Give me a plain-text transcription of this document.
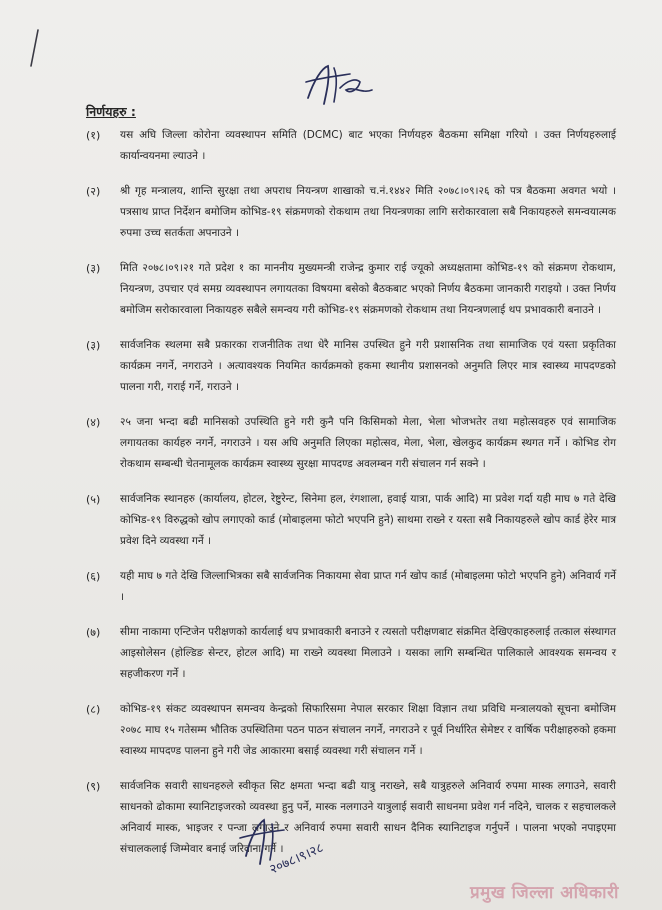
निर्णयहरु :
(१)	यस अघि जिल्ला कोरोना व्यवस्थापन समिति (DCMC) बाट भएका निर्णयहरु बैठकमा समिक्षा गरियो । उक्त निर्णयहरुलाई कार्यान्वयनमा ल्याउने ।
(२)	श्री गृह मन्त्रालय, शान्ति सुरक्षा तथा अपराध नियन्त्रण शाखाको च.नं.१४४२ मिति २०७८।०९।२६ को पत्र बैठकमा अवगत भयो । पत्रसाथ प्राप्त निर्देशन बमोजिम कोभिड-१९ संक्रमणको रोकथाम तथा नियन्त्रणका लागि सरोकारवाला सबै निकायहरुले समन्वयात्मक रुपमा उच्च सतर्कता अपनाउने ।
(३)	मिति २०७८।०९।२१ गते प्रदेश १ का माननीय मुख्यमन्त्री राजेन्द्र कुमार राई ज्यूको अध्यक्षतामा कोभिड-१९ को संक्रमण रोकथाम, नियन्त्रण, उपचार एवं समग्र व्यवस्थापन लगायतका विषयमा बसेको बैठकबाट भएको निर्णय बैठकमा जानकारी गराइयो । उक्त निर्णय बमोजिम सरोकारवाला निकायहरु सबैले समन्वय गरी कोभिड-१९ संक्रमणको रोकथाम तथा नियन्त्रणलाई थप प्रभावकारी बनाउने ।
(३)	सार्वजनिक स्थलमा सबै प्रकारका राजनीतिक तथा धेरै मानिस उपस्थित हुने गरी प्रशासनिक तथा सामाजिक एवं यस्ता प्रकृतिका कार्यक्रम नगर्ने, नगराउने । अत्यावश्यक नियमित कार्यक्रमको हकमा स्थानीय प्रशासनको अनुमति लिएर मात्र स्वास्थ्य मापदण्डको पालना गरी, गराई गर्ने, गराउने ।
(४)	२५ जना भन्दा बढी मानिसको उपस्थिति हुने गरी कुनै पनि किसिमको मेला, भेला भोजभतेर तथा महोत्सवहरु एवं सामाजिक लगायतका कार्यहरु नगर्ने, नगराउने । यस अघि अनुमति लिएका महोत्सव, मेला, भेला, खेलकुद कार्यक्रम स्थगत गर्ने । कोभिड रोग रोकथाम सम्बन्धी चेतनामूलक कार्यक्रम स्वास्थ्य सुरक्षा मापदण्ड अवलम्बन गरी संचालन गर्न सक्ने ।
(५)	सार्वजनिक स्थानहरु (कार्यालय, होटल, रेष्टुरेन्ट, सिनेमा हल, रंगशाला, हवाई यात्रा, पार्क आदि) मा प्रवेश गर्दा यही माघ ७ गते देखि कोभिड-१९ विरुद्धको खोप लगाएको कार्ड (मोबाइलमा फोटो भएपनि हुने) साथमा राख्ने र यस्ता सबै निकायहरुले खोप कार्ड हेरेर मात्र प्रवेश दिने व्यवस्था गर्ने ।
(६)	यही माघ ७ गते देखि जिल्लाभित्रका सबै सार्वजनिक निकायमा सेवा प्राप्त गर्न खोप कार्ड (मोबाइलमा फोटो भएपनि हुने) अनिवार्य गर्ने ।
(७)	सीमा नाकामा एन्टिजेन परीक्षणको कार्यलाई थप प्रभावकारी बनाउने र त्यसतो परीक्षणबाट संक्रमित देखिएकाहरुलाई तत्काल संस्थागत आइसोलेसन (होल्डिङ सेन्टर, होटल आदि) मा राख्ने व्यवस्था मिलाउने । यसका लागि सम्बन्धित पालिकाले आवश्यक समन्वय र सहजीकरण गर्ने ।
(८)	कोभिड-१९ संकट व्यवस्थापन समन्वय केन्द्रको सिफारिसमा नेपाल सरकार शिक्षा विज्ञान तथा प्रविधि मन्त्रालयको सूचना बमोजिम २०७८ माघ १५ गतेसम्म भौतिक उपस्थितिमा पठन पाठन संचालन नगर्ने, नगराउने र पूर्व निर्धारित सेमेष्टर र वार्षिक परीक्षाहरुको हकमा स्वास्थ्य मापदण्ड पालना हुने गरी जेड आकारमा बसाई व्यवस्था गरी संचालन गर्ने ।
(९)	सार्वजनिक सवारी साधनहरुले स्वीकृत सिट क्षमता भन्दा बढी यात्रु नराख्ने, सबै यात्रुहरुले अनिवार्य रुपमा मास्क लगाउने, सवारी साधनको ढोकामा स्यानिटाइजरको व्यवस्था हुनु पर्ने, मास्क नलगाउने यात्रुलाई सवारी साधनमा प्रवेश गर्न नदिने, चालक र सहचालकले अनिवार्य मास्क, भाइजर र पन्जा लगाउने र अनिवार्य रुपमा सवारी साधन दैनिक स्यानिटाइज गर्नुपर्ने । पालना भएको नपाइएमा संचालकलाई जिम्मेवार बनाई जरिवाना गर्ने ।
२०७८।९।२८
प्रमुख जिल्ला अधिकारी
